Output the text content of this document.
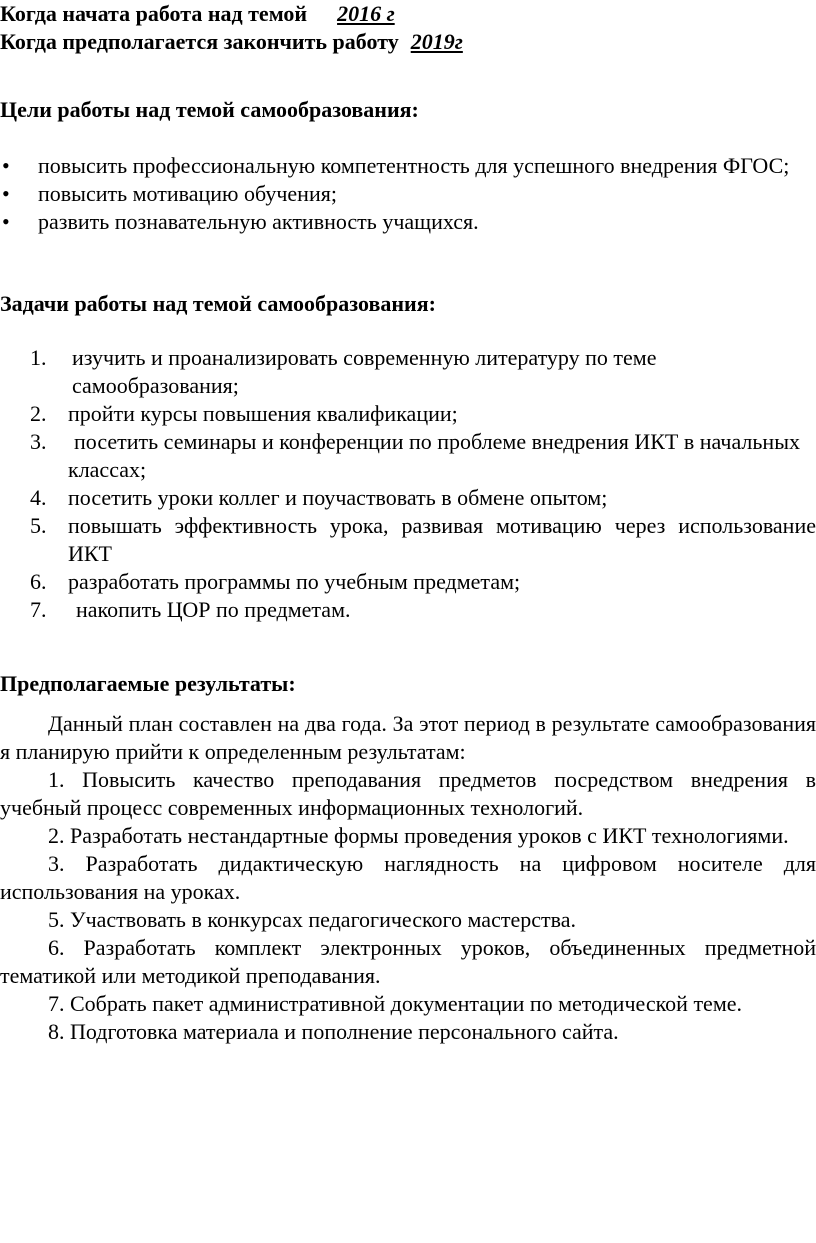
Когда начата работа над темой 2016 г
Когда предполагается закончить работу 2019г
Цели работы над темой самообразования:
• повысить профессиональную компетентность для успешного внедрения ФГОС;
• повысить мотивацию обучения;
• развить познавательную активность учащихся.
Задачи работы над темой самообразования:
1. изучить и проанализировать современную литературу по теме самообразования;
2. пройти курсы повышения квалификации;
3. посетить семинары и конференции по проблеме внедрения ИКТ в начальных классах;
4. посетить уроки коллег и поучаствовать в обмене опытом;
5. повышать эффективность урока, развивая мотивацию через использование ИКТ
6. разработать программы по учебным предметам;
7. накопить ЦОР по предметам.
Предполагаемые результаты:
Данный план составлен на два года. За этот период в результате самообразования я планирую прийти к определенным результатам:
1. Повысить качество преподавания предметов посредством внедрения в учебный процесс современных информационных технологий.
2. Разработать нестандартные формы проведения уроков с ИКТ технологиями.
3. Разработать дидактическую наглядность на цифровом носителе для использования на уроках.
5. Участвовать в конкурсах педагогического мастерства.
6. Разработать комплект электронных уроков, объединенных предметной тематикой или методикой преподавания.
7. Собрать пакет административной документации по методической теме.
8. Подготовка материала и пополнение персонального сайта.
